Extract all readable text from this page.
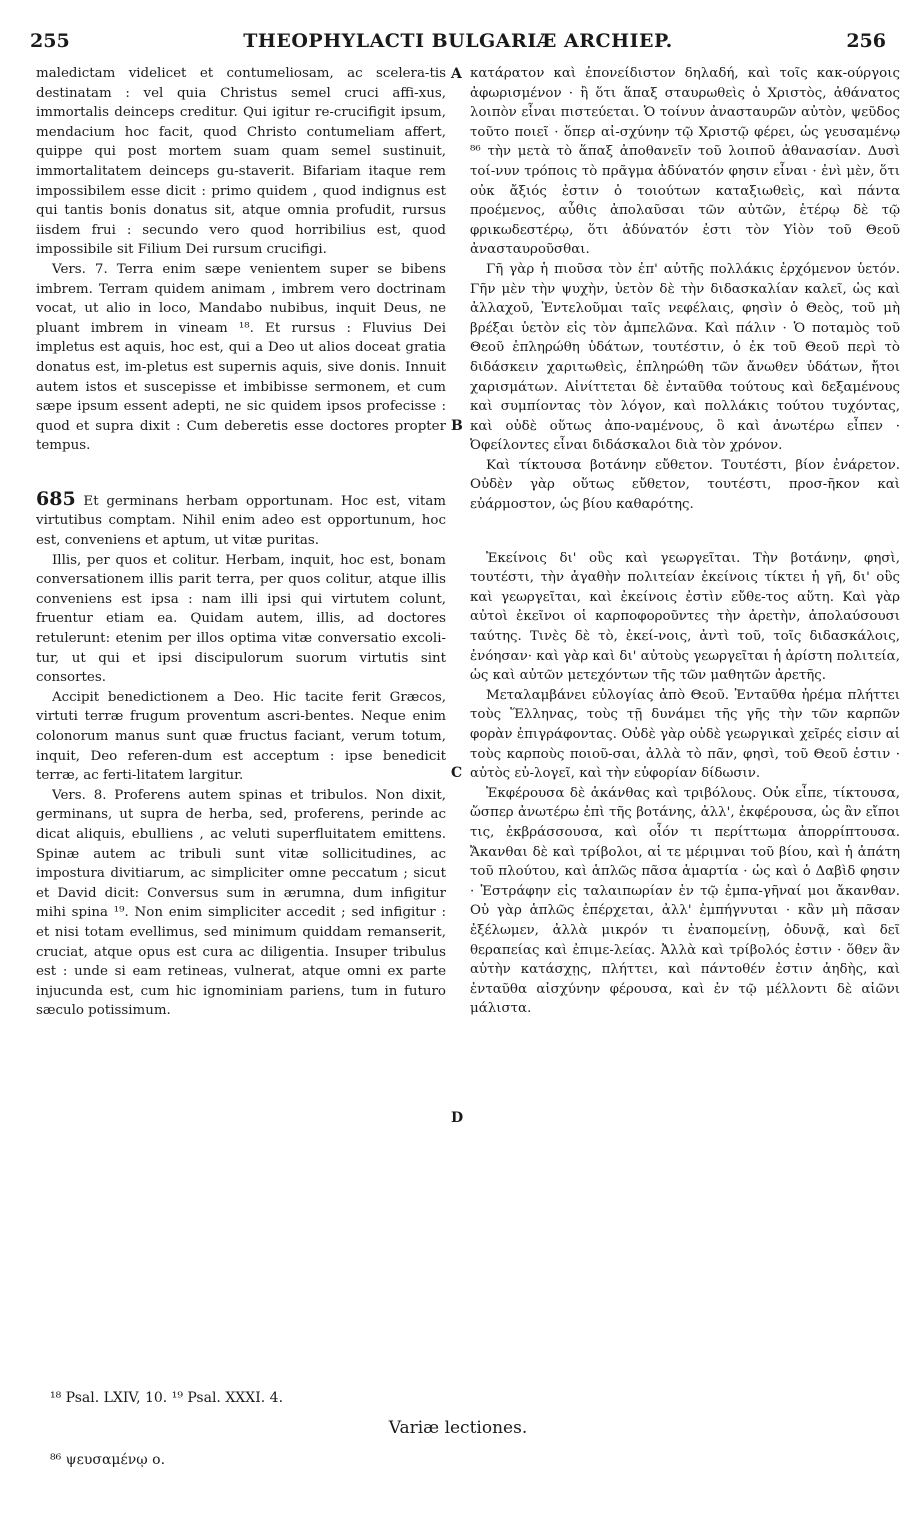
255	THEOPHYLACTI BULGARIÆ ARCHIEP.	256
A
B
C
D

maledictam videlicet et contumeliosam, ac scelera-tis destinatam : vel quia Christus semel cruci affi-xus, immortalis deinceps creditur. Qui igitur re-crucifigit ipsum, mendacium hoc facit, quod Christo contumeliam affert, quippe qui post mortem suam quam semel sustinuit, immortalitatem deinceps gu-staverit. Bifariam itaque rem impossibilem esse dicit : primo quidem , quod indignus est qui tantis bonis donatus sit, atque omnia profudit, rursus iisdem frui : secundo vero quod horribilius est, quod impossibile sit Filium Dei rursum crucifigi.

Vers. 7. Terra enim sæpe venientem super se bibens imbrem. Terram quidem animam , imbrem vero doctrinam vocat, ut alio in loco, Mandabo nubibus, inquit Deus, ne pluant imbrem in vineam ¹⁸. Et rursus : Fluvius Dei impletus est aquis, hoc est, qui a Deo ut alios doceat gratia donatus est, im-pletus est supernis aquis, sive donis. Innuit autem istos et suscepisse et imbibisse sermonem, et cum sæpe ipsum essent adepti, ne sic quidem ipsos profecisse : quod et supra dixit : Cum deberetis esse doctores propter tempus.

685 Et germinans herbam opportunam. Hoc est, vitam virtutibus comptam. Nihil enim adeo est opportunum, hoc est, conveniens et aptum, ut vitæ puritas.

Illis, per quos et colitur. Herbam, inquit, hoc est, bonam conversationem illis parit terra, per quos colitur, atque illis conveniens est ipsa : nam illi ipsi qui virtutem colunt, fruentur etiam ea. Quidam autem, illis, ad doctores retulerunt: etenim per illos optima vitæ conversatio excoli-tur, ut qui et ipsi discipulorum suorum virtutis sint consortes.

Accipit benedictionem a Deo. Hic tacite ferit Græcos, virtuti terræ frugum proventum ascri-bentes. Neque enim colonorum manus sunt quæ fructus faciant, verum totum, inquit, Deo referen-dum est acceptum : ipse benedicit terræ, ac ferti-litatem largitur.

Vers. 8. Proferens autem spinas et tribulos. Non dixit, germinans, ut supra de herba, sed, proferens, perinde ac dicat aliquis, ebulliens , ac veluti superfluitatem emittens. Spinæ autem ac tribuli sunt vitæ sollicitudines, ac impostura divitiarum, ac simpliciter omne peccatum ; sicut et David dicit: Conversus sum in ærumna, dum infigitur mihi spina ¹⁹. Non enim simpliciter accedit ; sed infigitur : et nisi totam evellimus, sed minimum quiddam remanserit, cruciat, atque opus est cura ac diligentia. Insuper tribulus est : unde si eam retineas, vulnerat, atque omni ex parte injucunda est, cum hic ignominiam pariens, tum in futuro sæculo potissimum.

κατάρατον καὶ ἐπονείδιστον δηλαδή, καὶ τοῖς κακ-ούργοις ἀφωρισμένον · ἢ ὅτι ἅπαξ σταυρωθεὶς ὁ Χριστὸς, ἀθάνατος λοιπὸν εἶναι πιστεύεται. Ὁ τοίνυν ἀνασταυρῶν αὐτὸν, ψεῦδος τοῦτο ποιεῖ · ὅπερ αἰ-σχύνην τῷ Χριστῷ φέρει, ὡς γευσαμένῳ ⁸⁶ τὴν μετὰ τὸ ἅπαξ ἀποθανεῖν τοῦ λοιποῦ ἀθανασίαν. Δυσὶ τοί-νυν τρόποις τὸ πρᾶγμα ἀδύνατόν φησιν εἶναι · ἐνὶ μὲν, ὅτι οὐκ ἄξιός ἐστιν ὁ τοιούτων καταξιωθεὶς, καὶ πάντα προέμενος, αὖθις ἀπολαῦσαι τῶν αὐτῶν, ἑτέρῳ δὲ τῷ φρικωδεστέρῳ, ὅτι ἀδύνατόν ἐστι τὸν Υἱὸν τοῦ Θεοῦ ἀνασταυροῦσθαι.

Γῆ γὰρ ἡ πιοῦσα τὸν ἐπ' αὐτῆς πολλάκις ἐρχόμενον ὑετόν. Γῆν μὲν τὴν ψυχὴν, ὑετὸν δὲ τὴν διδασκαλίαν καλεῖ, ὡς καὶ ἀλλαχοῦ, Ἐντελοῦμαι ταῖς νεφέλαις, φησὶν ὁ Θεὸς, τοῦ μὴ βρέξαι ὑετὸν εἰς τὸν ἀμπελῶνα. Καὶ πάλιν · Ὁ ποταμὸς τοῦ Θεοῦ ἐπληρώθη ὑδάτων, τουτέστιν, ὁ ἐκ τοῦ Θεοῦ περὶ τὸ διδάσκειν χαριτωθεὶς, ἐπληρώθη τῶν ἄνωθεν ὑδάτων, ἤτοι χαρισμάτων. Αἰνίττεται δὲ ἐνταῦθα τούτους καὶ δεξαμένους καὶ συμπίοντας τὸν λόγον, καὶ πολλάκις τούτου τυχόντας, καὶ οὐδὲ οὕτως ἀπο-ναμένους, ὃ καὶ ἀνωτέρω εἶπεν · Ὀφείλοντες εἶναι διδάσκαλοι διὰ τὸν χρόνον.

Καὶ τίκτουσα βοτάνην εὔθετον. Τουτέστι, βίον ἐνάρετον. Οὐδὲν γὰρ οὕτως εὔθετον, τουτέστι, προσ-ῆκον καὶ εὐάρμοστον, ὡς βίου καθαρότης.

Ἐκείνοις δι' οὓς καὶ γεωργεῖται. Τὴν βοτάνην, φησὶ, τουτέστι, τὴν ἀγαθὴν πολιτείαν ἐκείνοις τίκτει ἡ γῆ, δι' οὓς καὶ γεωργεῖται, καὶ ἐκείνοις ἐστὶν εὔθε-τος αὕτη. Καὶ γὰρ αὐτοὶ ἐκεῖνοι οἱ καρποφοροῦντες τὴν ἀρετὴν, ἀπολαύσουσι ταύτης. Τινὲς δὲ τὸ, ἐκεί-νοις, ἀντὶ τοῦ, τοῖς διδασκάλοις, ἐνόησαν· καὶ γὰρ καὶ δι' αὐτοὺς γεωργεῖται ἡ ἀρίστη πολιτεία, ὡς καὶ αὐτῶν μετεχόντων τῆς τῶν μαθητῶν ἀρετῆς.

Μεταλαμβάνει εὐλογίας ἀπὸ Θεοῦ. Ἐνταῦθα ἠρέμα πλήττει τοὺς Ἕλληνας, τοὺς τῇ δυνάμει τῆς γῆς τὴν τῶν καρπῶν φορὰν ἐπιγράφοντας. Οὐδὲ γὰρ οὐδὲ γεωργικαὶ χεῖρές εἰσιν αἱ τοὺς καρποὺς ποιοῦ-σαι, ἀλλὰ τὸ πᾶν, φησὶ, τοῦ Θεοῦ ἐστιν · αὐτὸς εὐ-λογεῖ, καὶ τὴν εὐφορίαν δίδωσιν.

Ἐκφέρουσα δὲ ἀκάνθας καὶ τριβόλους. Οὐκ εἶπε, τίκτουσα, ὥσπερ ἀνωτέρω ἐπὶ τῆς βοτάνης, ἀλλ', ἐκφέρουσα, ὡς ἂν εἴποι τις, ἐκβράσσουσα, καὶ οἷόν τι περίττωμα ἀπορρίπτουσα. Ἄκανθαι δὲ καὶ τρίβολοι, αἱ τε μέριμναι τοῦ βίου, καὶ ἡ ἀπάτη τοῦ πλούτου, καὶ ἁπλῶς πᾶσα ἁμαρτία · ὡς καὶ ὁ Δαβὶδ φησιν · Ἐστράφην εἰς ταλαιπωρίαν ἐν τῷ ἐμπα-γῆναί μοι ἄκανθαν. Οὐ γὰρ ἁπλῶς ἐπέρχεται, ἀλλ' ἐμπήγνυται · κἂν μὴ πᾶσαν ἐξέλωμεν, ἀλλὰ μικρόν τι ἐναπομείνῃ, ὀδυνᾷ, καὶ δεῖ θεραπείας καὶ ἐπιμε-λείας. Ἀλλὰ καὶ τρίβολός ἐστιν · ὅθεν ἂν αὐτὴν κατάσχῃς, πλήττει, καὶ πάντοθέν ἐστιν ἀηδὴς, καὶ ἐνταῦθα αἰσχύνην φέρουσα, καὶ ἐν τῷ μέλλοντι δὲ αἰῶνι μάλιστα.

¹⁸ Psal. LXIV, 10. ¹⁹ Psal. XXXI. 4.
Variæ lectiones.
⁸⁶ ψευσαμένῳ ο.
